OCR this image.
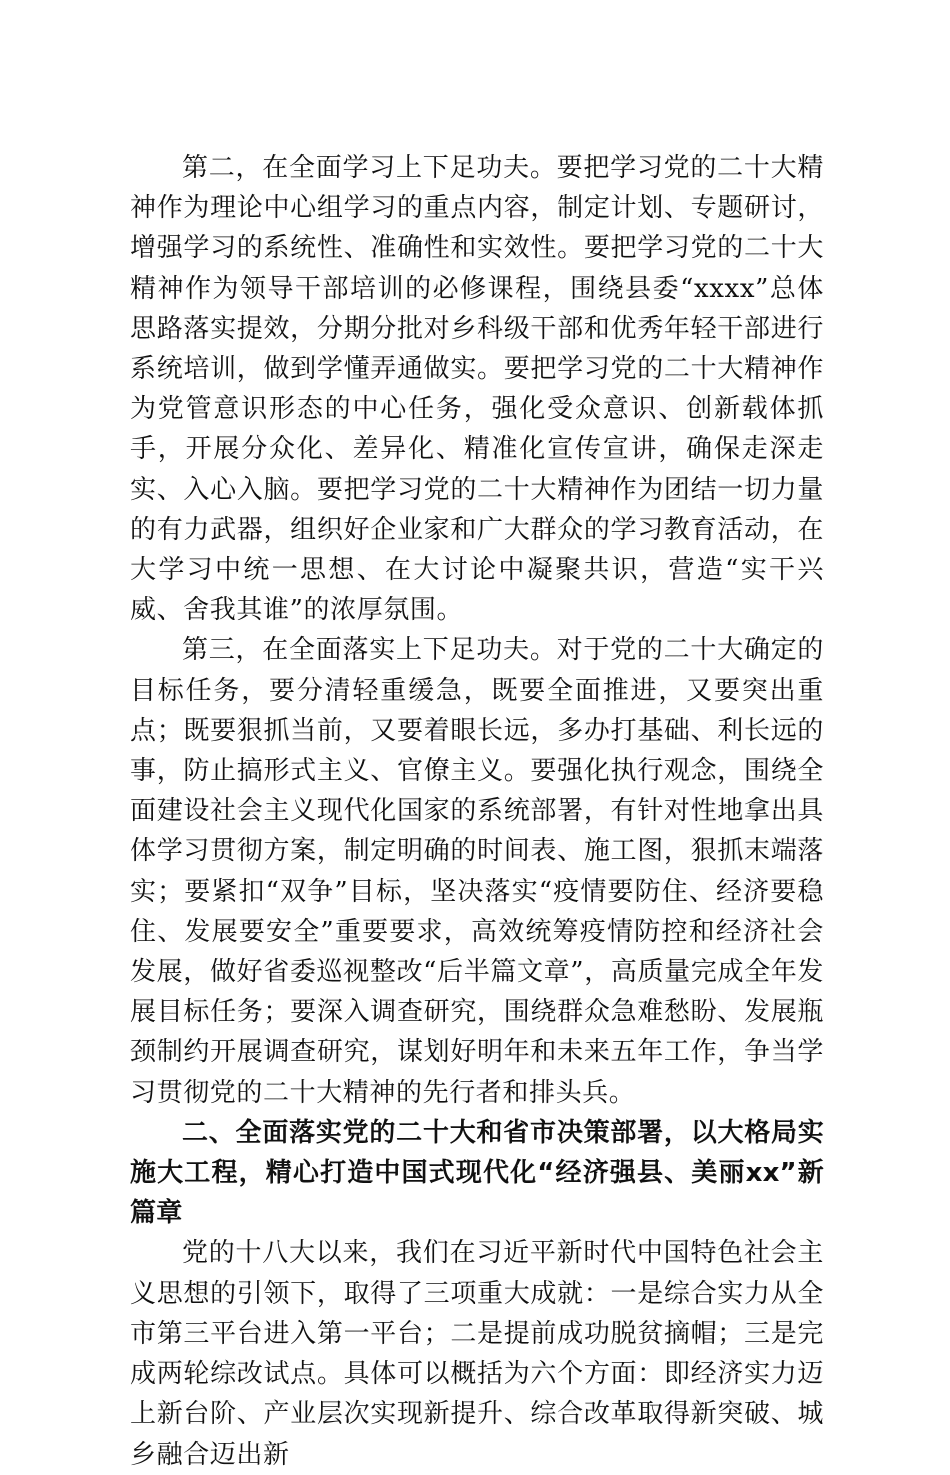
第二，在全面学习上下足功夫。要把学习党的二十大精神作为理论中心组学习的重点内容，制定计划、专题研讨，增强学习的系统性、准确性和实效性。要把学习党的二十大精神作为领导干部培训的必修课程，围绕县委“xxxx”总体思路落实提效，分期分批对乡科级干部和优秀年轻干部进行系统培训，做到学懂弄通做实。要把学习党的二十大精神作为党管意识形态的中心任务，强化受众意识、创新载体抓手，开展分众化、差异化、精准化宣传宣讲，确保走深走实、入心入脑。要把学习党的二十大精神作为团结一切力量的有力武器，组织好企业家和广大群众的学习教育活动，在大学习中统一思想、在大讨论中凝聚共识，营造“实干兴威、舍我其谁”的浓厚氛围。

第三，在全面落实上下足功夫。对于党的二十大确定的目标任务，要分清轻重缓急，既要全面推进，又要突出重点；既要狠抓当前，又要着眼长远，多办打基础、利长远的事，防止搞形式主义、官僚主义。要强化执行观念，围绕全面建设社会主义现代化国家的系统部署，有针对性地拿出具体学习贯彻方案，制定明确的时间表、施工图，狠抓末端落实；要紧扣“双争”目标，坚决落实“疫情要防住、经济要稳住、发展要安全”重要要求，高效统筹疫情防控和经济社会发展，做好省委巡视整改“后半篇文章”，高质量完成全年发展目标任务；要深入调查研究，围绕群众急难愁盼、发展瓶颈制约开展调查研究，谋划好明年和未来五年工作，争当学习贯彻党的二十大精神的先行者和排头兵。

二、全面落实党的二十大和省市决策部署，以大格局实施大工程，精心打造中国式现代化“经济强县、美丽xx”新篇章

党的十八大以来，我们在习近平新时代中国特色社会主义思想的引领下，取得了三项重大成就：一是综合实力从全市第三平台进入第一平台；二是提前成功脱贫摘帽；三是完成两轮综改试点。具体可以概括为六个方面：即经济实力迈上新台阶、产业层次实现新提升、综合改革取得新突破、城乡融合迈出新
